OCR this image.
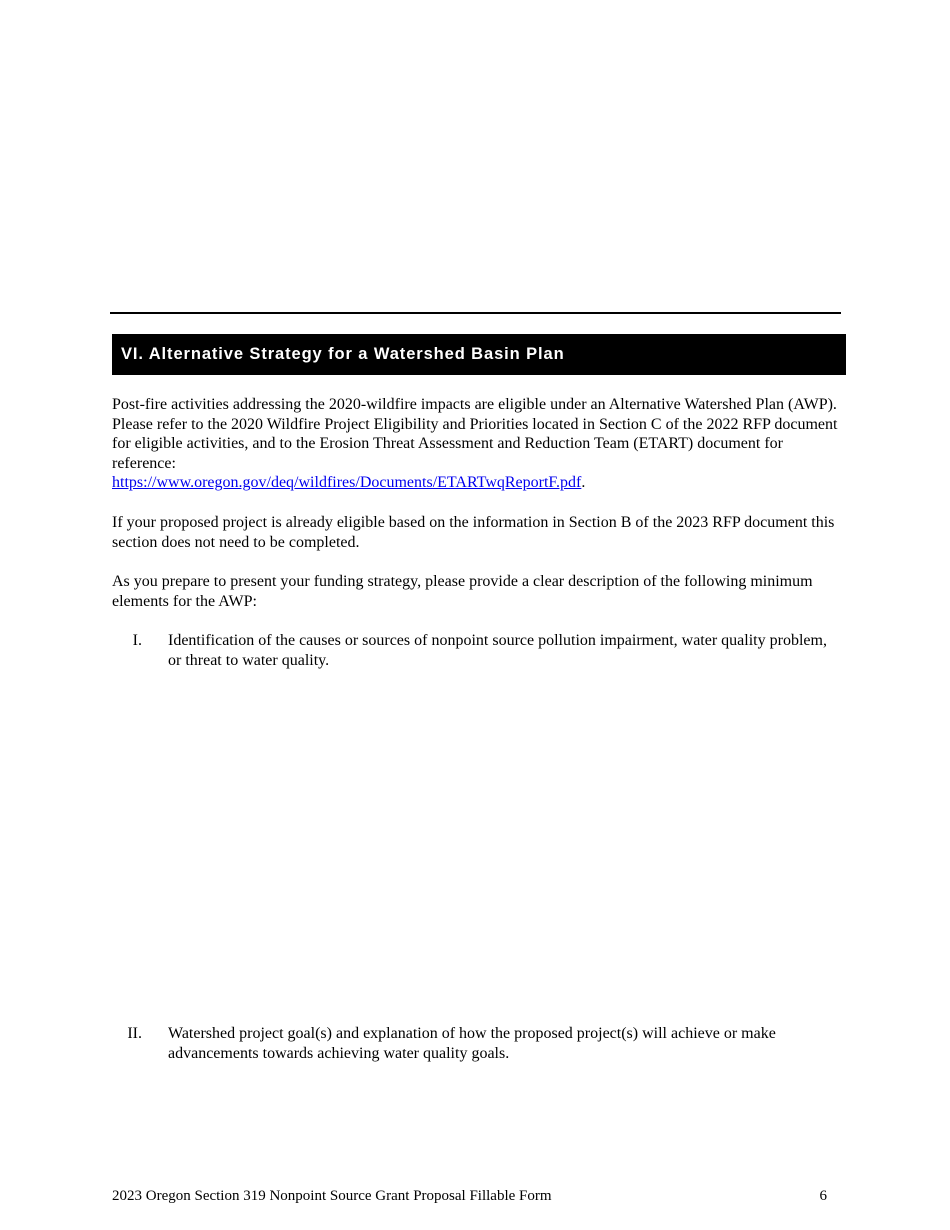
VI. Alternative Strategy for a Watershed Basin Plan

Post-fire activities addressing the 2020-wildfire impacts are eligible under an Alternative Watershed Plan (AWP). Please refer to the 2020 Wildfire Project Eligibility and Priorities located in Section C of the 2022 RFP document for eligible activities, and to the Erosion Threat Assessment and Reduction Team (ETART) document for reference:
https://www.oregon.gov/deq/wildfires/Documents/ETARTwqReportF.pdf.

If your proposed project is already eligible based on the information in Section B of the 2023 RFP document this section does not need to be completed.

As you prepare to present your funding strategy, please provide a clear description of the following minimum elements for the AWP:

I. Identification of the causes or sources of nonpoint source pollution impairment, water quality problem, or threat to water quality.
II. Watershed project goal(s) and explanation of how the proposed project(s) will achieve or make advancements towards achieving water quality goals.
2023 Oregon Section 319 Nonpoint Source Grant Proposal Fillable Form	6
